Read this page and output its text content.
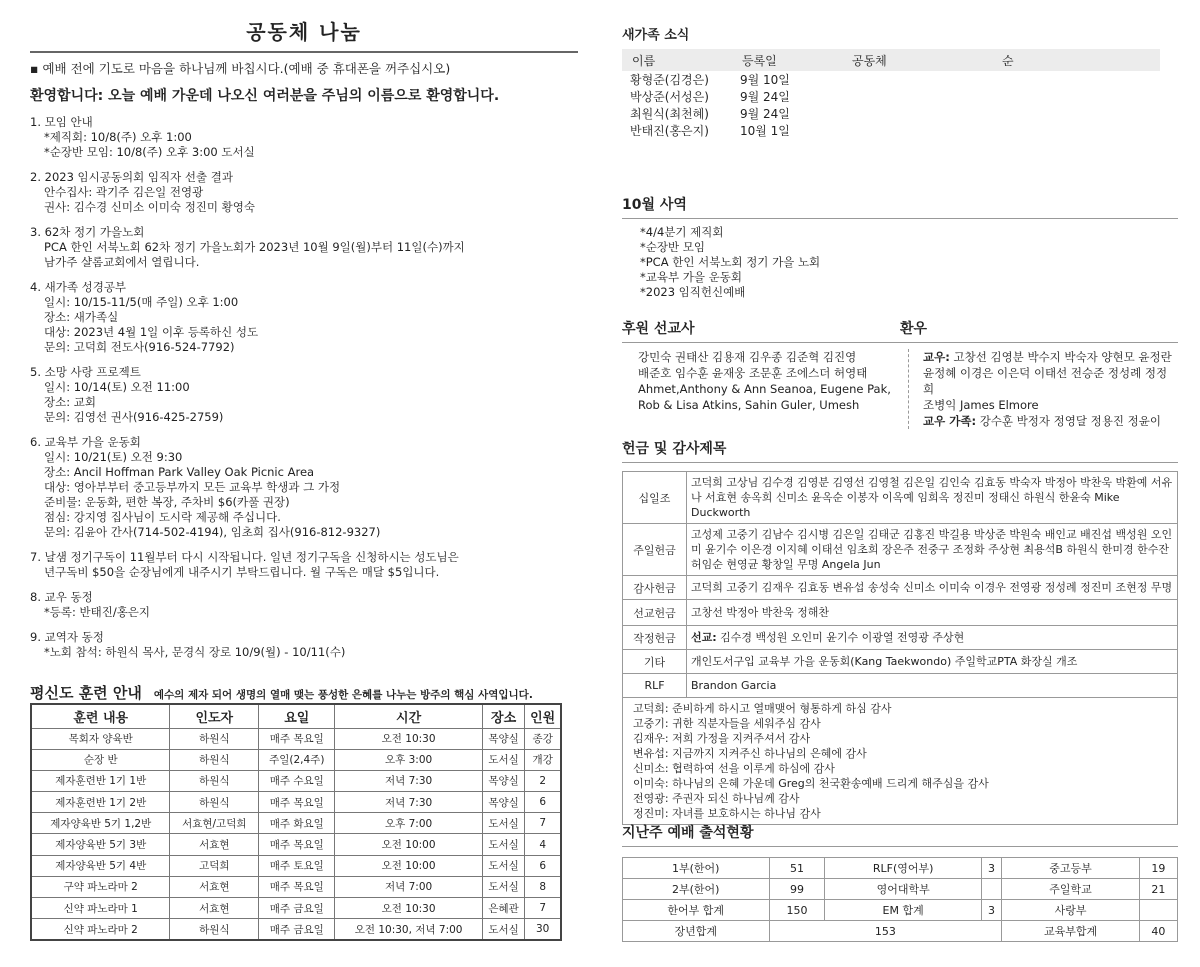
공동체 나눔
▪ 예배 전에 기도로 마음을 하나님께 바칩시다.(예배 중 휴대폰을 꺼주십시오)
환영합니다: 오늘 예배 가운데 나오신 여러분을 주님의 이름으로 환영합니다.
1. 모임 안내
*제직회: 10/8(주) 오후 1:00
*순장반 모임: 10/8(주) 오후 3:00 도서실
2. 2023 임시공동의회 임직자 선출 결과
안수집사: 곽기주 김은일 전영광
권사: 김수경 신미소 이미숙 정진미 황영숙
3. 62차 정기 가을노회
PCA 한인 서북노회 62차 정기 가을노회가 2023년 10월 9일(월)부터 11일(수)까지
남가주 샬롬교회에서 열립니다.
4. 새가족 성경공부
일시: 10/15-11/5(매 주일) 오후 1:00
장소: 새가족실
대상: 2023년 4월 1일 이후 등록하신 성도
문의: 고덕희 전도사(916-524-7792)
5. 소망 사랑 프로젝트
일시: 10/14(토) 오전 11:00
장소: 교회
문의: 김영선 권사(916-425-2759)
6. 교육부 가을 운동회
일시: 10/21(토) 오전 9:30
장소: Ancil Hoffman Park Valley Oak Picnic Area
대상: 영아부부터 중고등부까지 모든 교육부 학생과 그 가정
준비물: 운동화, 편한 복장, 주차비 $6(카풀 권장)
점심: 강지영 집사님이 도시락 제공해 주십니다.
문의: 김윤아 간사(714-502-4194), 임초희 집사(916-812-9327)
7. 날샘 정기구독이 11월부터 다시 시작됩니다. 일년 정기구독을 신청하시는 성도님은
년구독비 $50을 순장님에게 내주시기 부탁드립니다. 월 구독은 매달 $5입니다.
8. 교우 동정
*등록: 반태진/홍은지
9. 교역자 동정
*노회 참석: 하원식 목사, 문경식 장로 10/9(월) - 10/11(수)
평신도 훈련 안내 예수의 제자 되어 생명의 열매 맺는 풍성한 은혜를 나누는 방주의 핵심 사역입니다.
훈련 내용	인도자	요일	시간	장소	인원
목회자 양육반	하원식	매주 목요일	오전 10:30	목양실	종강
순장 반	하원식	주일(2,4주)	오후 3:00	도서실	개강
제자훈련반 1기 1반	하원식	매주 수요일	저녁 7:30	목양실	2
제자훈련반 1기 2반	하원식	매주 목요일	저녁 7:30	목양실	6
제자양육반 5기 1,2반	서효현/고덕희	매주 화요일	오후 7:00	도서실	7
제자양육반 5기 3반	서효현	매주 목요일	오전 10:00	도서실	4
제자양육반 5기 4반	고덕희	매주 토요일	오전 10:00	도서실	6
구약 파노라마 2	서효현	매주 목요일	저녁 7:00	도서실	8
신약 파노라마 1	서효현	매주 금요일	오전 10:30	은혜관	7
신약 파노라마 2	하원식	매주 금요일	오전 10:30, 저녁 7:00	도서실	30
새가족 소식
이름	등록일	공동체	순
황형준(김경은)	9월 10일		
박상준(서성은)	9월 24일		
최원식(최천혜)	9월 24일		
반태진(홍은지)	10월 1일		
10월 사역
*4/4분기 제직회
*순장반 모임
*PCA 한인 서북노회 정기 가을 노회
*교육부 가을 운동회
*2023 임직헌신예배
후원 선교사
강민숙 권태산 김용재 김우종 김준혁 김진영
배준호 임수훈 윤재웅 조문훈 조에스더 허영태
Ahmet,Anthony & Ann Seanoa, Eugene Pak,
Rob & Lisa Atkins, Sahin Guler, Umesh
환우
교우: 고창선 김영분 박수지 박숙자 양현모 윤정란
윤정혜 이경은 이은덕 이태선 전승준 정성례 정정희
조병익 James Elmore
교우 가족: 강수훈 박정자 정영달 정용진 정윤이
헌금 및 감사제목
십일조	고덕희 고상님 김수경 김영분 김영선 김영철 김은일 김인숙 김효동 박숙자 박정아 박찬욱 박환예 서유나 서효현 송옥희 신미소 윤옥순 이봉자 이옥예 임희옥 정진미 정태신 하원식 한윤숙 Mike Duckworth
주일헌금	고성제 고중기 김남수 김시병 김은일 김태군 김홍진 박길용 박상준 박원숙 배인교 배진섭 백성원 오인미 윤기수 이은경 이지혜 이태선 임초희 장은주 전중구 조정화 주상현 최용석B 하원식 한미경 한수잔 허임순 현영균 황창일 무명 Angela Jun
감사헌금	고덕희 고중기 김재우 김효동 변유섭 송성숙 신미소 이미숙 이경우 전영광 정성례 정진미 조현정 무명
선교헌금	고창선 박정아 박찬욱 정해찬
작정헌금	선교: 김수경 백성원 오인미 윤기수 이광열 전영광 주상현
기타	개인도서구입 교육부 가을 운동회(Kang Taekwondo) 주일학교PTA 화장실 개조
RLF	Brandon Garcia
고덕희: 준비하게 하시고 열매맺어 형통하게 하심 감사
고중기: 귀한 직분자들을 세워주심 감사
김재우: 저희 가정을 지켜주셔서 감사
변유섭: 지금까지 지켜주신 하나님의 은혜에 감사
신미소: 협력하여 선을 이루게 하심에 감사
이미숙: 하나님의 은혜 가운데 Greg의 천국환송예배 드리게 해주심을 감사
전영광: 주권자 되신 하나님께 감사
정진미: 자녀를 보호하시는 하나님 감사
지난주 예배 출석현황
1부(한어)	51	RLF(영어부)	3	중고등부	19
2부(한어)	99	영어대학부		주일학교	21
한어부 합계	150	EM 합계	3	사랑부	
장년합계	153			교육부합계	40
